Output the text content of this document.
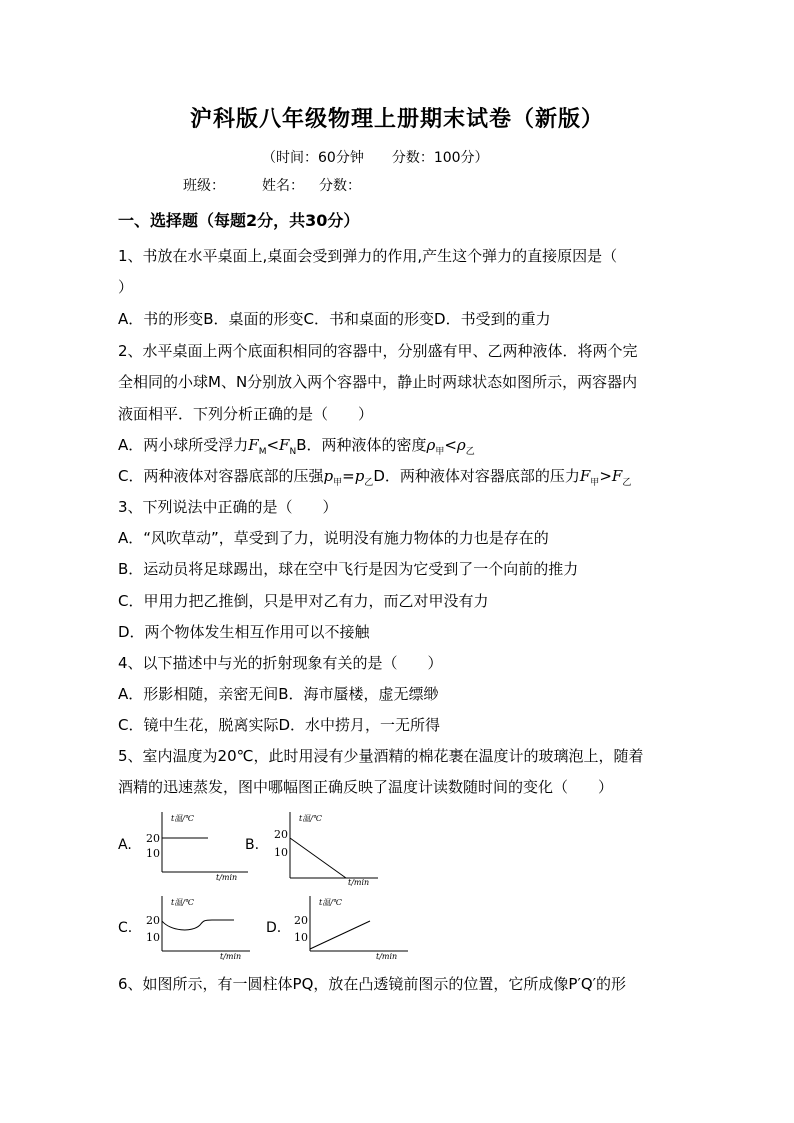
沪科版八年级物理上册期末试卷（新版）
（时间：60分钟　　分数：100分）
班级：	姓名： 分数：
一、选择题（每题2分，共30分）
1、书放在水平桌面上,桌面会受到弹力的作用,产生这个弹力的直接原因是（
）
A．书的形变B．桌面的形变C．书和桌面的形变D．书受到的重力
2、水平桌面上两个底面积相同的容器中，分别盛有甲、乙两种液体．将两个完
全相同的小球M、N分别放入两个容器中，静止时两球状态如图所示，两容器内
液面相平．下列分析正确的是（　　）
A．两小球所受浮力$F_M<F_NB$．两种液体的密度$\rho_甲<\rho_乙$
C．两种液体对容器底部的压强$p_甲=p_乙D$．两种液体对容器底部的压力$F_甲>F_乙$
3、下列说法中正确的是（　　）
A．“风吹草动”，草受到了力，说明没有施力物体的力也是存在的
B．运动员将足球踢出，球在空中飞行是因为它受到了一个向前的推力
C．甲用力把乙推倒，只是甲对乙有力，而乙对甲没有力
D．两个物体发生相互作用可以不接触
4、以下描述中与光的折射现象有关的是（　　）
A．形影相随，亲密无间B．海市蜃楼，虚无缥缈
C．镜中生花，脱离实际D．水中捞月，一无所得
5、室内温度为20℃，此时用浸有少量酒精的棉花裹在温度计的玻璃泡上，随着
酒精的迅速蒸发，图中哪幅图正确反映了温度计读数随时间的变化（　　）
A.	B.
C.	D.
t温/℃
20
10
t/min
t温/℃
20
10
t/min
t温/℃
20
10
t/min
t温/℃
20
10
t/min
6、如图所示，有一圆柱体PQ，放在凸透镜前图示的位置，它所成像P′Q′的形
